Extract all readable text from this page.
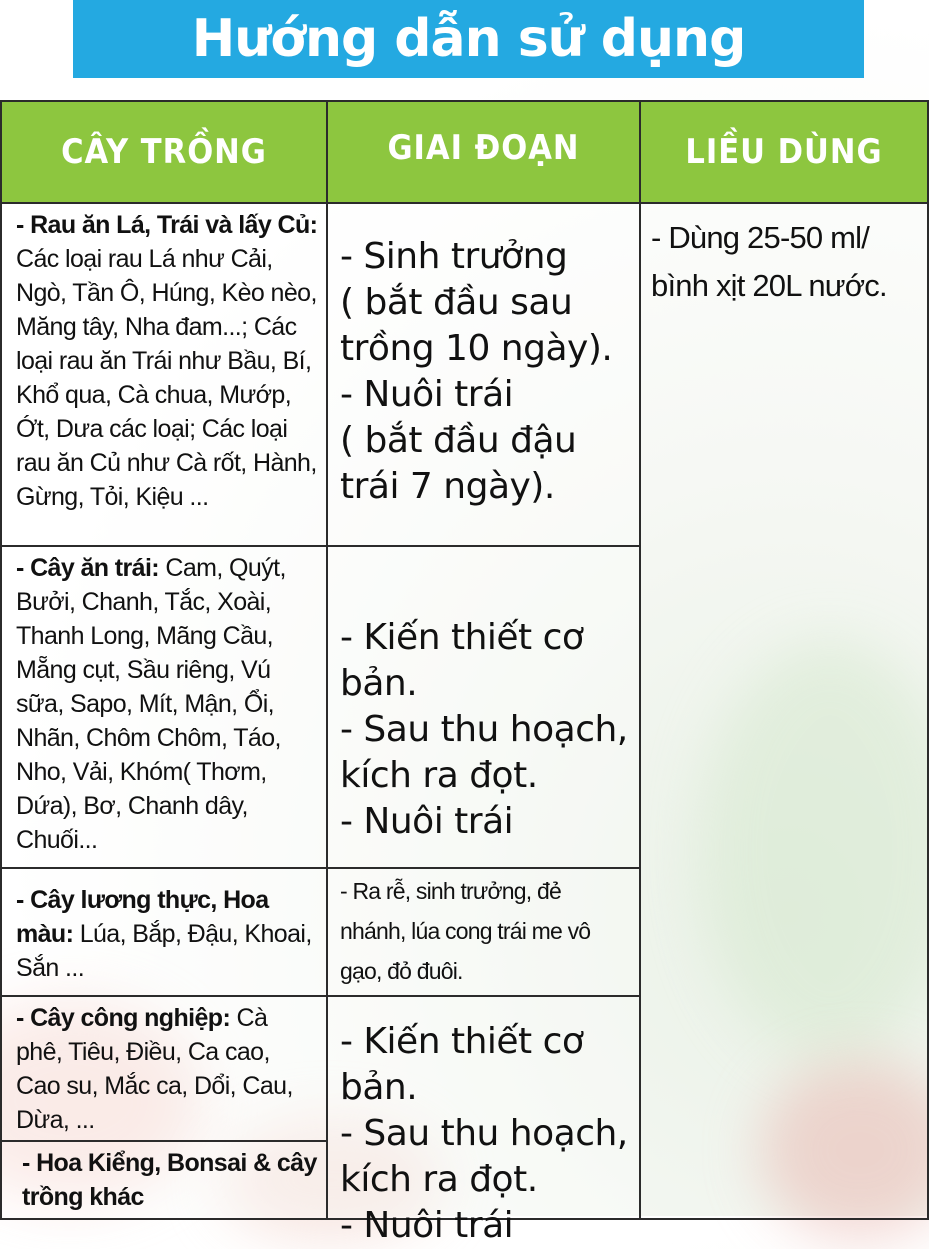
Hướng dẫn sử dụng
CÂY TRỒNG	GIAI ĐOẠN	LIỀU DÙNG
- Rau ăn Lá, Trái và lấy Củ: Các loại rau Lá như Cải, Ngò, Tần Ô, Húng, Kèo nèo, Măng tây, Nha đam...; Các loại rau ăn Trái như Bầu, Bí, Khổ qua, Cà chua, Mướp, Ớt, Dưa các loại; Các loại rau ăn Củ như Cà rốt, Hành, Gừng, Tỏi, Kiệu ...
- Cây ăn trái: Cam, Quýt, Bưởi, Chanh, Tắc, Xoài, Thanh Long, Mãng Cầu, Mẵng cụt, Sầu riêng, Vú sữa, Sapo, Mít, Mận, Ổi, Nhãn, Chôm Chôm, Táo, Nho, Vải, Khóm( Thơm, Dứa), Bơ, Chanh dây, Chuối...
- Cây lương thực, Hoa màu: Lúa, Bắp, Đậu, Khoai, Sắn ...
- Cây công nghiệp: Cà phê, Tiêu, Điều, Ca cao, Cao su, Mắc ca, Dổi, Cau, Dừa, ...
- Hoa Kiểng, Bonsai & cây trồng khác
- Sinh trưởng
( bắt đầu sau
trồng 10 ngày).
- Nuôi trái
( bắt đầu đậu
trái 7 ngày).
- Kiến thiết cơ bản.
- Sau thu hoạch,
kích ra đọt.
- Nuôi trái
- Ra rễ, sinh trưởng, đẻ
nhánh, lúa cong trái me vô
gạo, đỏ đuôi.
- Kiến thiết cơ bản.
- Sau thu hoạch,
kích ra đọt.
- Nuôi trái
- Dùng 25-50 ml/
bình xịt 20L nước.
